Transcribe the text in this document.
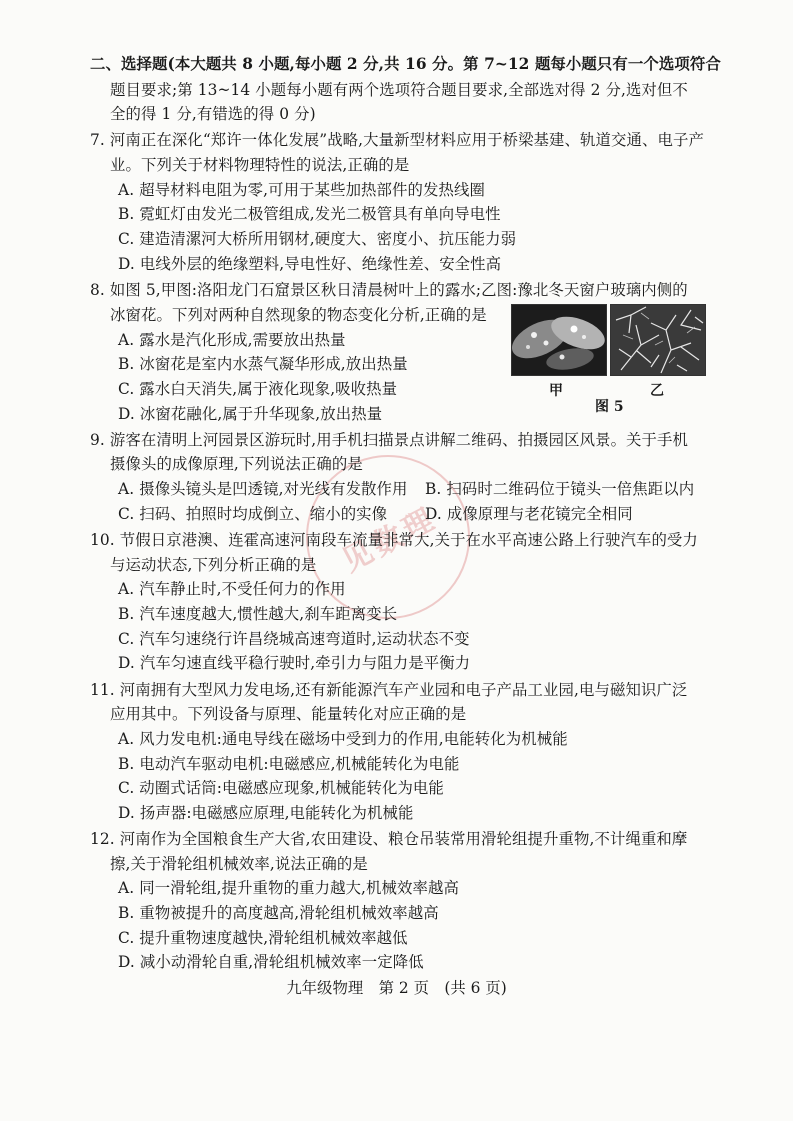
见数理
二、选择题(本大题共 8 小题,每小题 2 分,共 16 分。第 7~12 题每小题只有一个选项符合
题目要求;第 13~14 小题每小题有两个选项符合题目要求,全部选对得 2 分,选对但不
全的得 1 分,有错选的得 0 分)
7. 河南正在深化“郑许一体化发展”战略,大量新型材料应用于桥梁基建、轨道交通、电子产
业。下列关于材料物理特性的说法,正确的是
A. 超导材料电阻为零,可用于某些加热部件的发热线圈
B. 霓虹灯由发光二极管组成,发光二极管具有单向导电性
C. 建造清漯河大桥所用钢材,硬度大、密度小、抗压能力弱
D. 电线外层的绝缘塑料,导电性好、绝缘性差、安全性高
8. 如图 5,甲图:洛阳龙门石窟景区秋日清晨树叶上的露水;乙图:豫北冬天窗户玻璃内侧的
冰窗花。下列对两种自然现象的物态变化分析,正确的是
A. 露水是汽化形成,需要放出热量
B. 冰窗花是室内水蒸气凝华形成,放出热量
C. 露水白天消失,属于液化现象,吸收热量
D. 冰窗花融化,属于升华现象,放出热量
甲	乙
图 5
9. 游客在清明上河园景区游玩时,用手机扫描景点讲解二维码、拍摄园区风景。关于手机
摄像头的成像原理,下列说法正确的是
A. 摄像头镜头是凹透镜,对光线有发散作用 B. 扫码时二维码位于镜头一倍焦距以内
C. 扫码、拍照时均成倒立、缩小的实像 D. 成像原理与老花镜完全相同
10. 节假日京港澳、连霍高速河南段车流量非常大,关于在水平高速公路上行驶汽车的受力
与运动状态,下列分析正确的是
A. 汽车静止时,不受任何力的作用
B. 汽车速度越大,惯性越大,刹车距离变长
C. 汽车匀速绕行许昌绕城高速弯道时,运动状态不变
D. 汽车匀速直线平稳行驶时,牵引力与阻力是平衡力
11. 河南拥有大型风力发电场,还有新能源汽车产业园和电子产品工业园,电与磁知识广泛
应用其中。下列设备与原理、能量转化对应正确的是
A. 风力发电机:通电导线在磁场中受到力的作用,电能转化为机械能
B. 电动汽车驱动电机:电磁感应,机械能转化为电能
C. 动圈式话筒:电磁感应现象,机械能转化为电能
D. 扬声器:电磁感应原理,电能转化为机械能
12. 河南作为全国粮食生产大省,农田建设、粮仓吊装常用滑轮组提升重物,不计绳重和摩
擦,关于滑轮组机械效率,说法正确的是
A. 同一滑轮组,提升重物的重力越大,机械效率越高
B. 重物被提升的高度越高,滑轮组机械效率越高
C. 提升重物速度越快,滑轮组机械效率越低
D. 减小动滑轮自重,滑轮组机械效率一定降低
九年级物理　第 2 页　(共 6 页)
